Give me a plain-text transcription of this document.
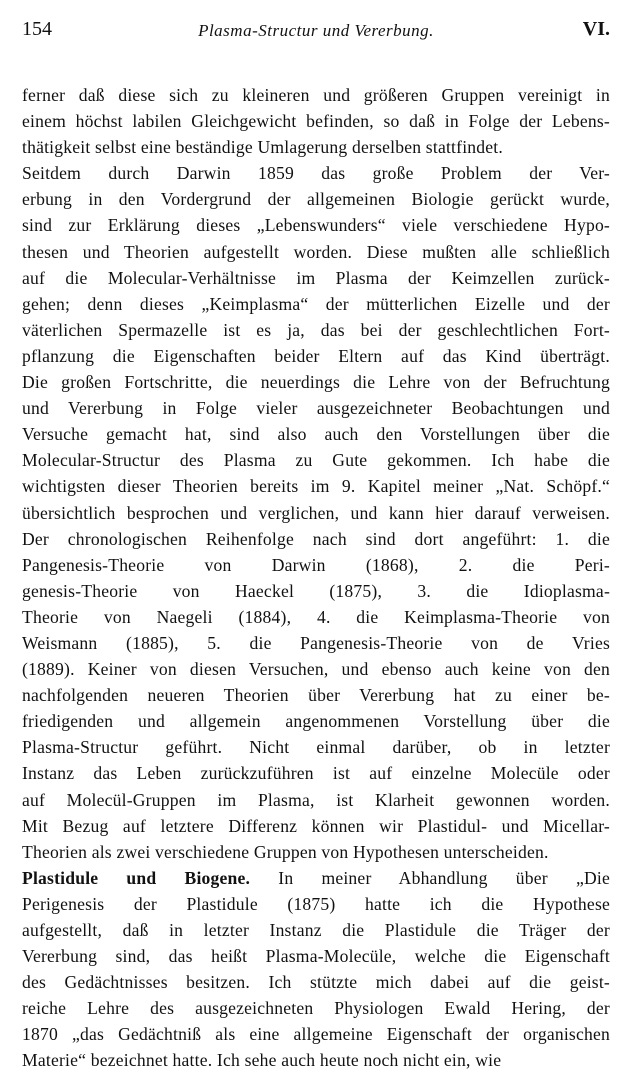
154	Plasma-Structur und Vererbung.	VI.
ferner daß diese sich zu kleineren und größeren Gruppen vereinigt in
einem höchst labilen Gleichgewicht befinden, so daß in Folge der Lebens-
thätigkeit selbst eine beständige Umlagerung derselben stattfindet.
Seitdem durch Darwin 1859 das große Problem der Ver-
erbung in den Vordergrund der allgemeinen Biologie gerückt wurde,
sind zur Erklärung dieses „Lebenswunders“ viele verschiedene Hypo-
thesen und Theorien aufgestellt worden. Diese mußten alle schließlich
auf die Molecular-Verhältnisse im Plasma der Keimzellen zurück-
gehen; denn dieses „Keimplasma“ der mütterlichen Eizelle und der
väterlichen Spermazelle ist es ja, das bei der geschlechtlichen Fort-
pflanzung die Eigenschaften beider Eltern auf das Kind überträgt.
Die großen Fortschritte, die neuerdings die Lehre von der Befruchtung
und Vererbung in Folge vieler ausgezeichneter Beobachtungen und
Versuche gemacht hat, sind also auch den Vorstellungen über die
Molecular-Structur des Plasma zu Gute gekommen. Ich habe die
wichtigsten dieser Theorien bereits im 9. Kapitel meiner „Nat. Schöpf.“
übersichtlich besprochen und verglichen, und kann hier darauf verweisen.
Der chronologischen Reihenfolge nach sind dort angeführt: 1. die
Pangenesis-Theorie von Darwin (1868), 2. die Peri-
genesis-Theorie von Haeckel (1875), 3. die Idioplasma-
Theorie von Naegeli (1884), 4. die Keimplasma-Theorie von
Weismann (1885), 5. die Pangenesis-Theorie von de Vries
(1889). Keiner von diesen Versuchen, und ebenso auch keine von den
nachfolgenden neueren Theorien über Vererbung hat zu einer be-
friedigenden und allgemein angenommenen Vorstellung über die
Plasma-Structur geführt. Nicht einmal darüber, ob in letzter
Instanz das Leben zurückzuführen ist auf einzelne Molecüle oder
auf Molecül-Gruppen im Plasma, ist Klarheit gewonnen worden.
Mit Bezug auf letztere Differenz können wir Plastidul- und Micellar-
Theorien als zwei verschiedene Gruppen von Hypothesen unterscheiden.
Plastidule und Biogene. In meiner Abhandlung über „Die
Perigenesis der Plastidule (1875) hatte ich die Hypothese
aufgestellt, daß in letzter Instanz die Plastidule die Träger der
Vererbung sind, das heißt Plasma-Molecüle, welche die Eigenschaft
des Gedächtnisses besitzen. Ich stützte mich dabei auf die geist-
reiche Lehre des ausgezeichneten Physiologen Ewald Hering, der
1870 „das Gedächtniß als eine allgemeine Eigenschaft der organischen
Materie“ bezeichnet hatte. Ich sehe auch heute noch nicht ein, wie
